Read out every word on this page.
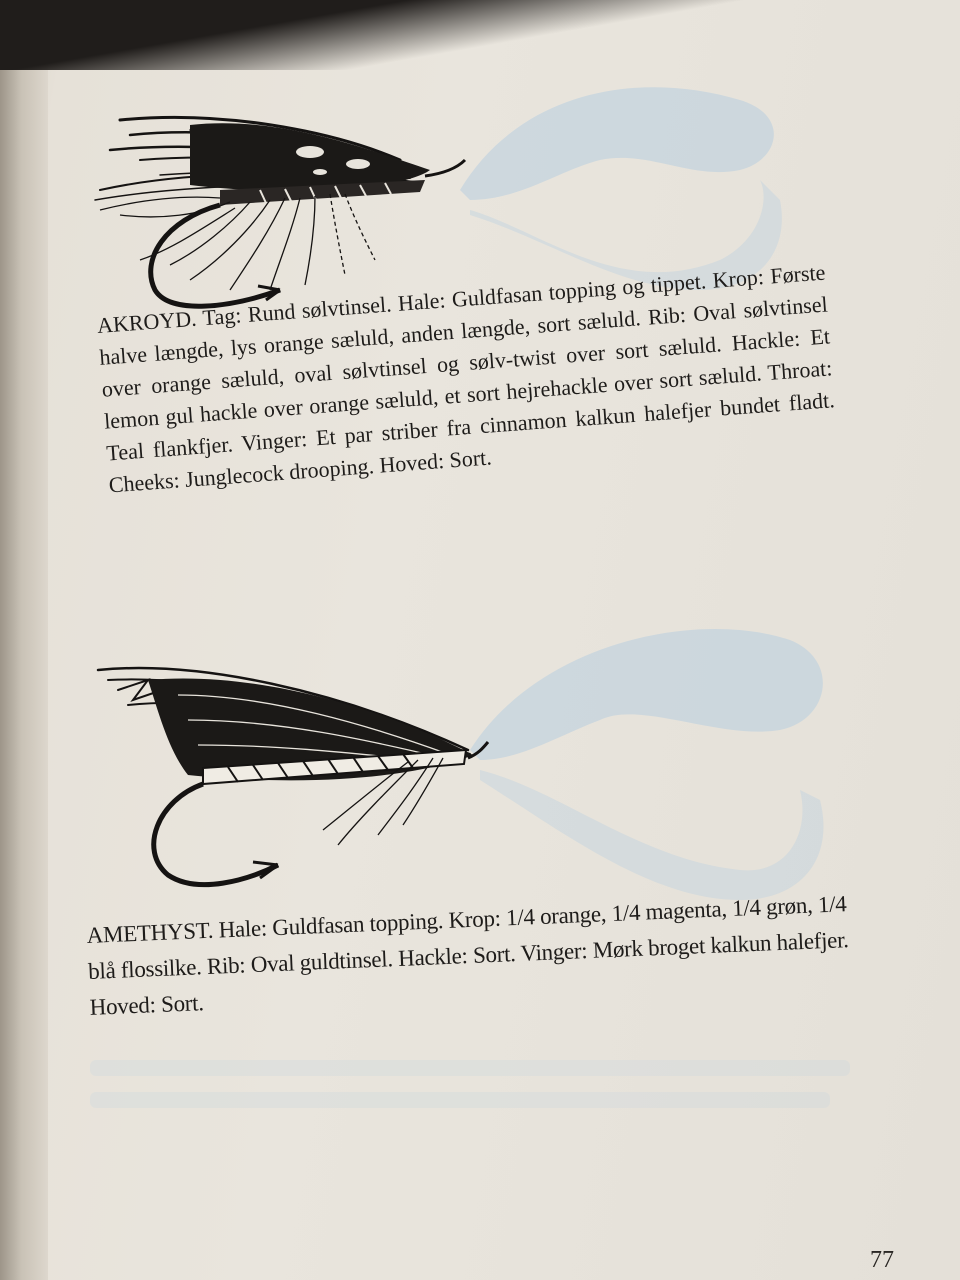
AKROYD. Tag: Rund sølvtinsel. Hale: Guldfasan topping og tippet. Krop: Første halve længde, lys orange sæluld, anden længde, sort sæluld. Rib: Oval sølvtinsel over orange sæluld, oval sølvtinsel og sølv-twist over sort sæluld. Hackle: Et lemon gul hackle over orange sæluld, et sort hejrehackle over sort sæluld. Throat: Teal flankfjer. Vinger: Et par striber fra cinnamon kalkun halefjer bundet fladt. Cheeks: Junglecock drooping. Hoved: Sort.

AMETHYST. Hale: Guldfasan topping. Krop: 1/4 orange, 1/4 magenta, 1/4 grøn, 1/4 blå flossilke. Rib: Oval guldtinsel. Hackle: Sort. Vinger: Mørk broget kalkun halefjer. Hoved: Sort.

77
